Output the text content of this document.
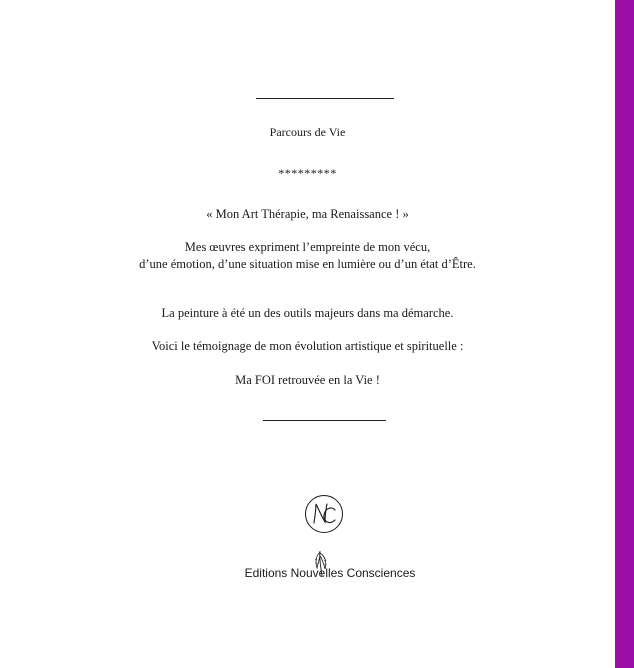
Parcours de Vie
*********
« Mon Art Thérapie, ma Renaissance ! »
Mes œuvres expriment l’empreinte de mon vécu,
d’une émotion, d’une situation mise en lumière ou d’un état d’Être.
La peinture à été un des outils majeurs dans ma démarche.
Voici le témoignage de mon évolution artistique et spirituelle :
Ma FOI retrouvée en la Vie !
Editions Nouvelles Consciences
